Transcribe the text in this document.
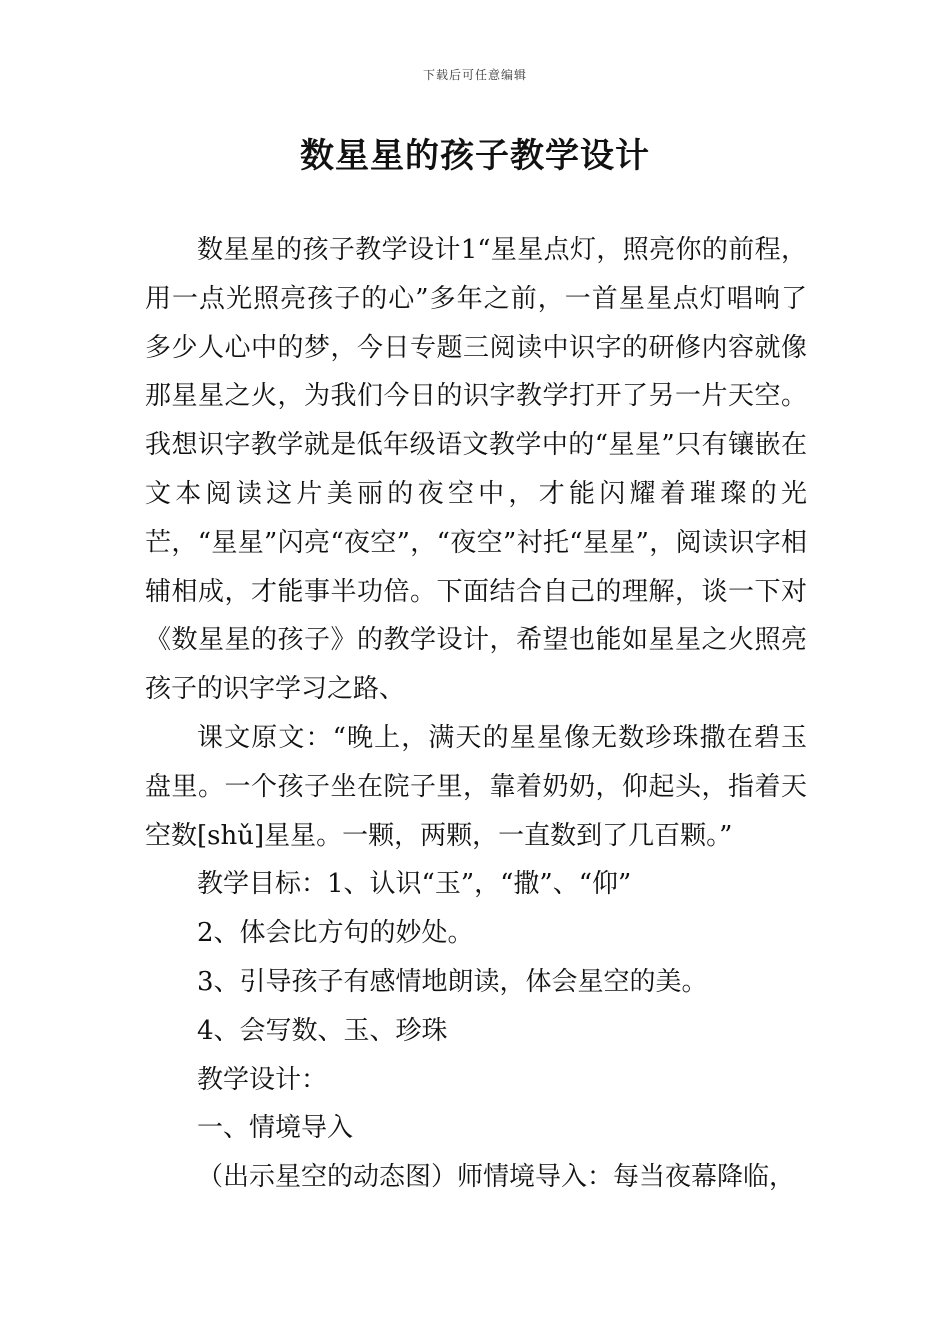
下载后可任意编辑
数星星的孩子教学设计

数星星的孩子教学设计1“星星点灯，照亮你的前程，用一点光照亮孩子的心”多年之前，一首星星点灯唱响了多少人心中的梦，今日专题三阅读中识字的研修内容就像那星星之火，为我们今日的识字教学打开了另一片天空。我想识字教学就是低年级语文教学中的“星星”只有镶嵌在文本阅读这片美丽的夜空中，才能闪耀着璀璨的光芒，“星星”闪亮“夜空”，“夜空”衬托“星星”，阅读识字相辅相成，才能事半功倍。下面结合自己的理解，谈一下对《数星星的孩子》的教学设计，希望也能如星星之火照亮孩子的识字学习之路、

课文原文：“晚上，满天的星星像无数珍珠撒在碧玉盘里。一个孩子坐在院子里，靠着奶奶，仰起头，指着天空数[shǔ]星星。一颗，两颗，一直数到了几百颗。”

教学目标：1、认识“玉”，“撒”、“仰”

2、体会比方句的妙处。

3、引导孩子有感情地朗读，体会星空的美。

4、会写数、玉、珍珠

教学设计：

一、情境导入

（出示星空的动态图）师情境导入：每当夜幕降临，
